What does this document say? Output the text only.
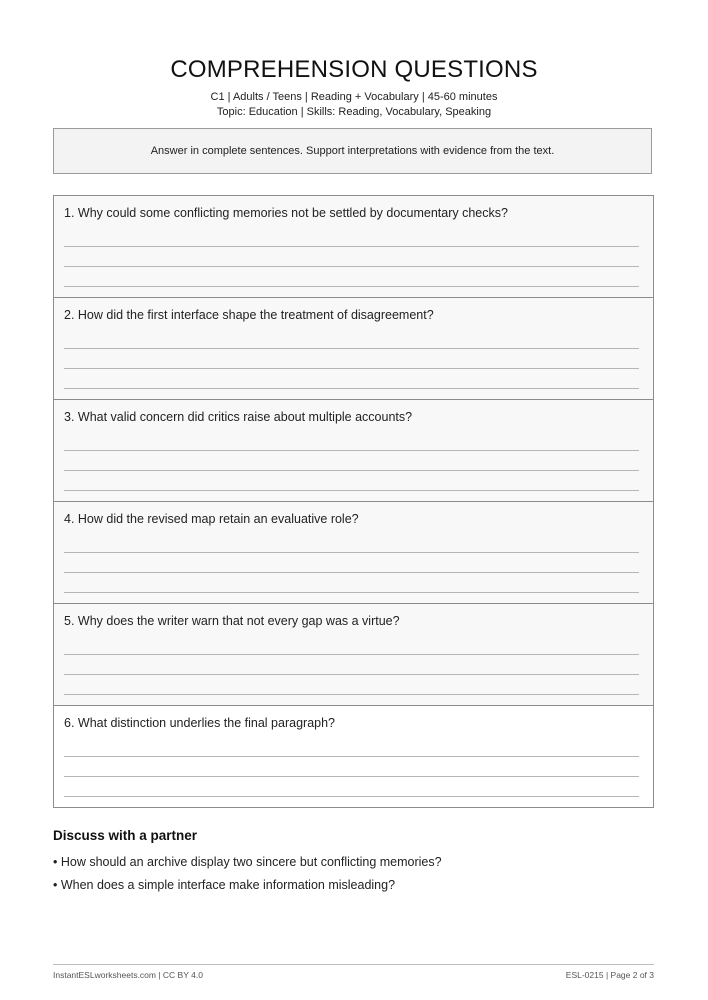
COMPREHENSION QUESTIONS
C1 | Adults / Teens | Reading + Vocabulary | 45-60 minutes
Topic: Education | Skills: Reading, Vocabulary, Speaking
Answer in complete sentences. Support interpretations with evidence from the text.
1. Why could some conflicting memories not be settled by documentary checks?
2. How did the first interface shape the treatment of disagreement?
3. What valid concern did critics raise about multiple accounts?
4. How did the revised map retain an evaluative role?
5. Why does the writer warn that not every gap was a virtue?
6. What distinction underlies the final paragraph?
Discuss with a partner
• How should an archive display two sincere but conflicting memories?
• When does a simple interface make information misleading?
InstantESLworksheets.com | CC BY 4.0	ESL-0215 | Page 2 of 3
